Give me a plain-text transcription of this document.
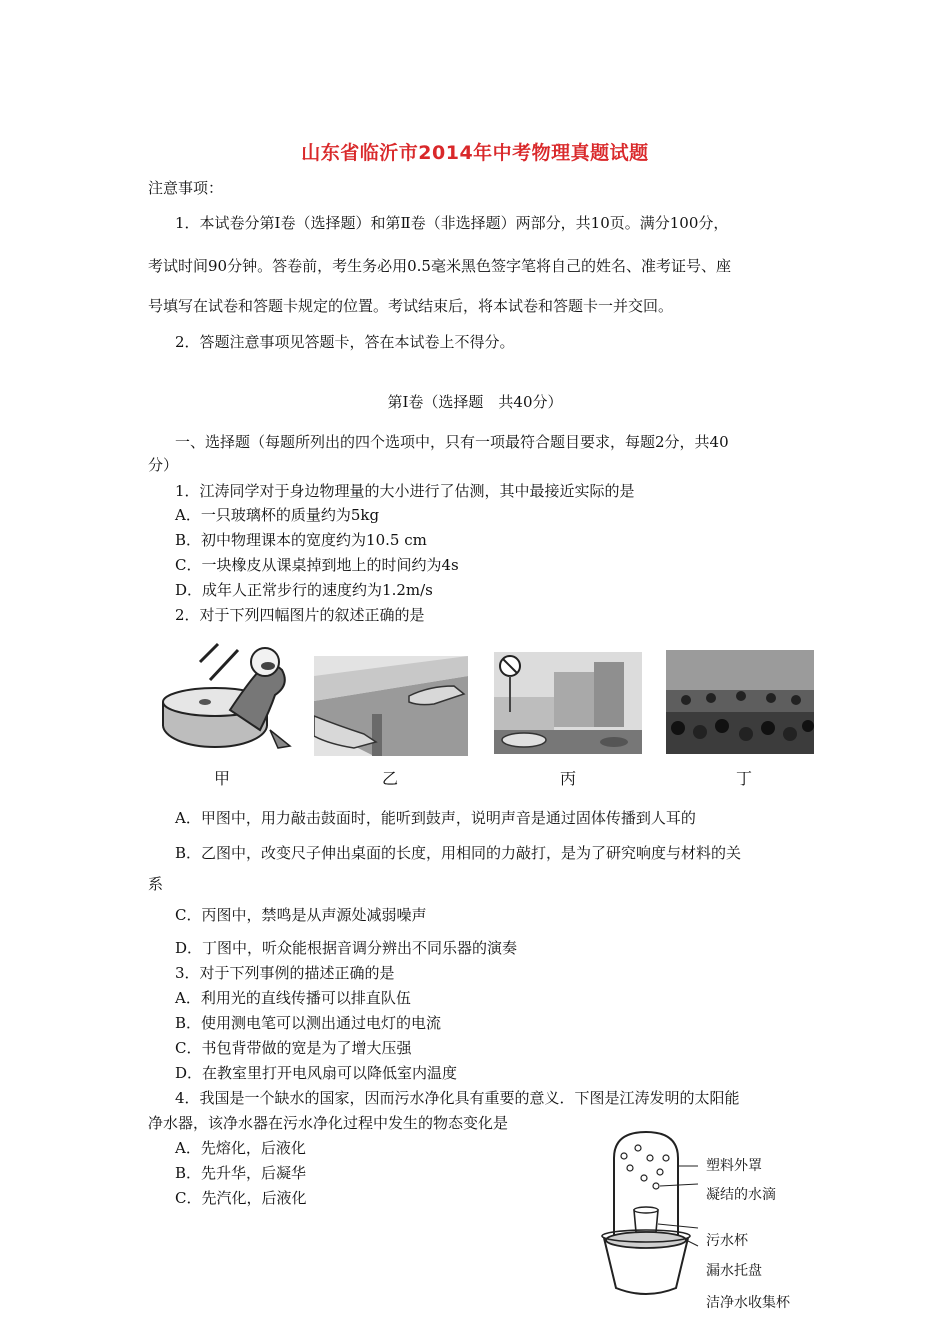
山东省临沂市2014年中考物理真题试题
注意事项：
1．本试卷分第Ⅰ卷（选择题）和第Ⅱ卷（非选择题）两部分，共10页。满分100分，
考试时间90分钟。答卷前，考生务必用0.5毫米黑色签字笔将自己的姓名、准考证号、座
号填写在试卷和答题卡规定的位置。考试结束后，将本试卷和答题卡一并交回。
2．答题注意事项见答题卡，答在本试卷上不得分。
第Ⅰ卷（选择题　共40分）
一、选择题（每题所列出的四个选项中，只有一项最符合题目要求，每题2分，共40
分）
1．江涛同学对于身边物理量的大小进行了估测，其中最接近实际的是
A．一只玻璃杯的质量约为5kg
B．初中物理课本的宽度约为10.5 cm
C．一块橡皮从课桌掉到地上的时间约为4s
D．成年人正常步行的速度约为1.2m/s
2．对于下列四幅图片的叙述正确的是
甲	乙	丙	丁
A．甲图中，用力敲击鼓面时，能听到鼓声，说明声音是通过固体传播到人耳的
B．乙图中，改变尺子伸出桌面的长度，用相同的力敲打，是为了研究响度与材料的关
系
C．丙图中，禁鸣是从声源处减弱噪声
D．丁图中，听众能根据音调分辨出不同乐器的演奏
3．对于下列事例的描述正确的是
A．利用光的直线传播可以排直队伍
B．使用测电笔可以测出通过电灯的电流
C．书包背带做的宽是为了增大压强
D．在教室里打开电风扇可以降低室内温度
4．我国是一个缺水的国家，因而污水净化具有重要的意义．下图是江涛发明的太阳能
净水器，该净水器在污水净化过程中发生的物态变化是
A．先熔化，后液化
B．先升华，后凝华
C．先汽化，后液化
塑料外罩
凝结的水滴
污水杯
漏水托盘
洁净水收集杯
